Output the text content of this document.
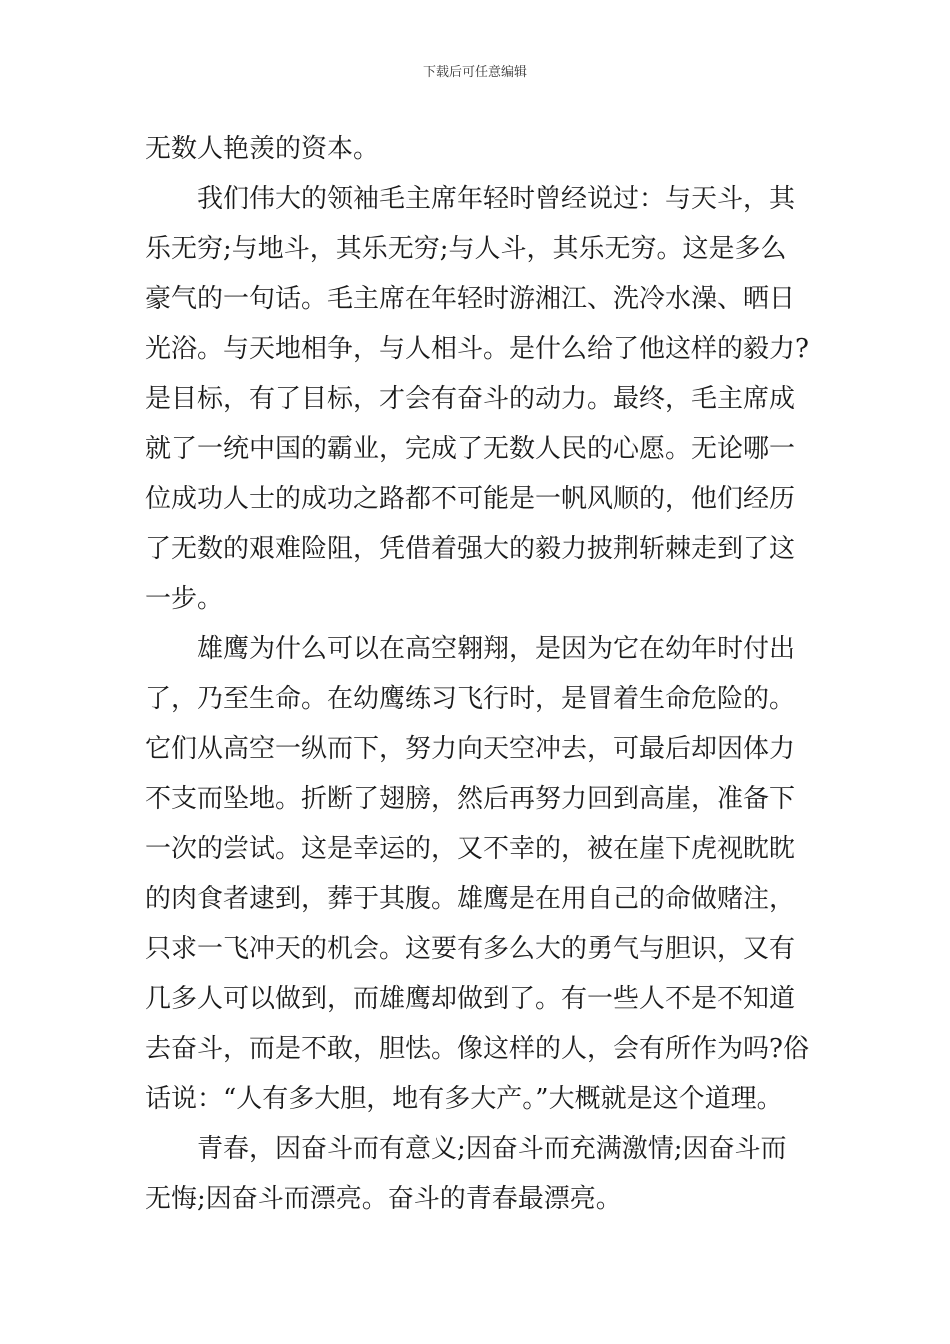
下载后可任意编辑
无数人艳羡的资本。
我们伟大的领袖毛主席年轻时曾经说过：与天斗，其
乐无穷;与地斗，其乐无穷;与人斗，其乐无穷。这是多么
豪气的一句话。毛主席在年轻时游湘江、洗冷水澡、晒日
光浴。与天地相争，与人相斗。是什么给了他这样的毅力?
是目标，有了目标，才会有奋斗的动力。最终，毛主席成
就了一统中国的霸业，完成了无数人民的心愿。无论哪一
位成功人士的成功之路都不可能是一帆风顺的，他们经历
了无数的艰难险阻，凭借着强大的毅力披荆斩棘走到了这
一步。
雄鹰为什么可以在高空翱翔，是因为它在幼年时付出
了，乃至生命。在幼鹰练习飞行时，是冒着生命危险的。
它们从高空一纵而下，努力向天空冲去，可最后却因体力
不支而坠地。折断了翅膀，然后再努力回到高崖，准备下
一次的尝试。这是幸运的，又不幸的，被在崖下虎视眈眈
的肉食者逮到，葬于其腹。雄鹰是在用自己的命做赌注，
只求一飞冲天的机会。这要有多么大的勇气与胆识，又有
几多人可以做到，而雄鹰却做到了。有一些人不是不知道
去奋斗，而是不敢，胆怯。像这样的人，会有所作为吗?俗
话说：“人有多大胆，地有多大产。”大概就是这个道理。
青春，因奋斗而有意义;因奋斗而充满激情;因奋斗而
无悔;因奋斗而漂亮。奋斗的青春最漂亮。
